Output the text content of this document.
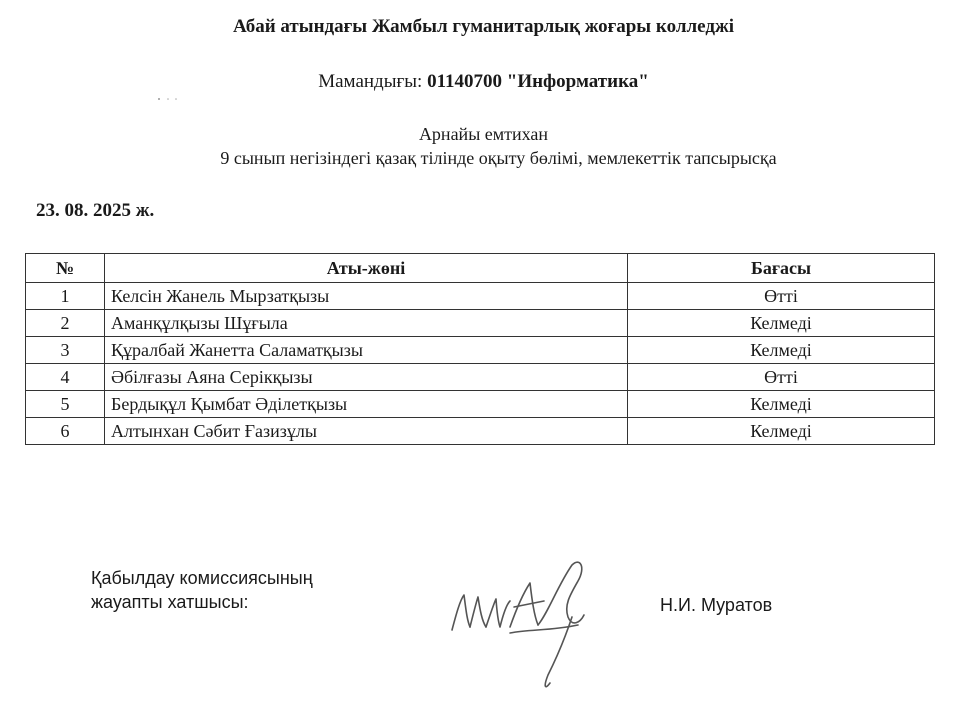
Абай атындағы Жамбыл гуманитарлық жоғары колледжі
Мамандығы: 01140700 "Информатика"
Арнайы емтихан
9 сынып негізіндегі қазақ тілінде оқыту бөлімі, мемлекеттік тапсырысқа
23. 08. 2025 ж.
№	Аты-жөні	Бағасы
1	Келсін Жанель Мырзатқызы	Өтті
2	Аманқұлқызы Шұғыла	Келмеді
3	Құралбай Жанетта Саламатқызы	Келмеді
4	Әбілғазы Аяна Серікқызы	Өтті
5	Бердықұл Қымбат Әділетқызы	Келмеді
6	Алтынхан Сәбит Ғазизұлы	Келмеді
Қабылдау комиссиясының
жауапты хатшысы:	Н.И. Муратов
